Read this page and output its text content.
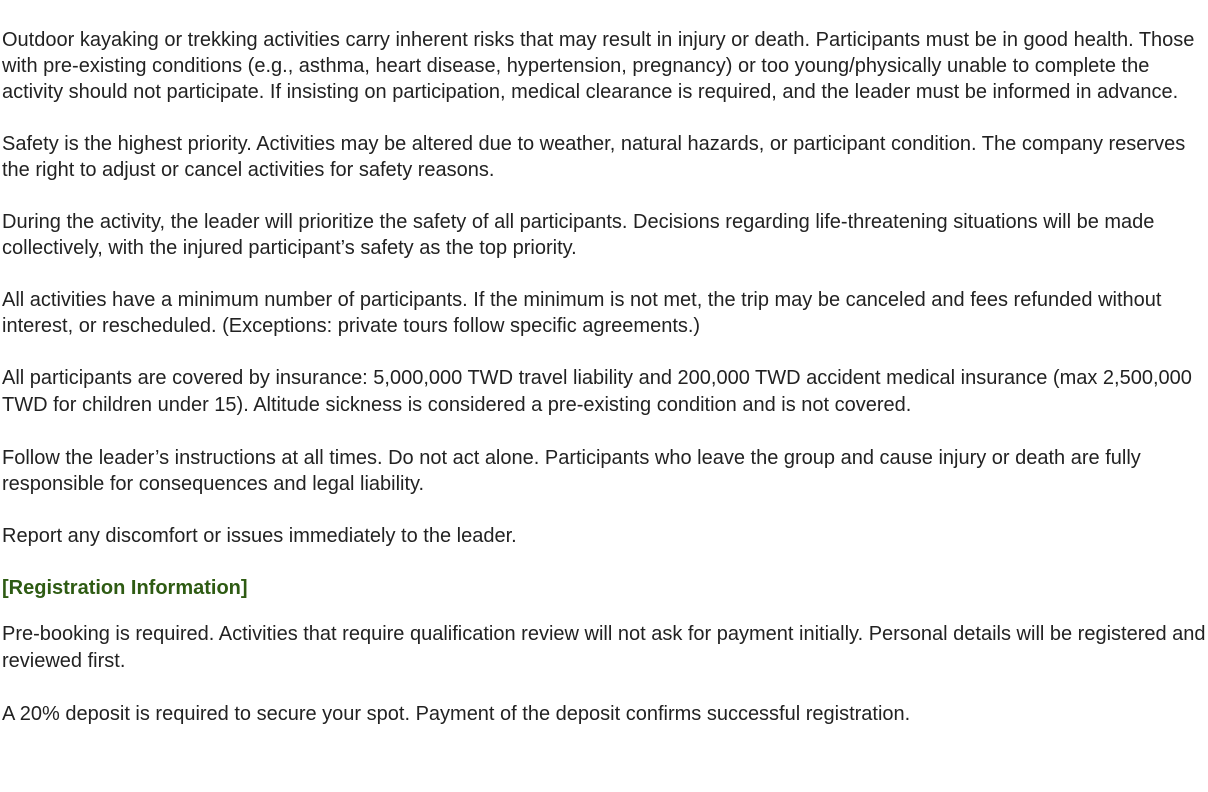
Outdoor kayaking or trekking activities carry inherent risks that may result in injury or death. Participants must be in good health. Those with pre-existing conditions (e.g., asthma, heart disease, hypertension, pregnancy) or too young/physically unable to complete the activity should not participate. If insisting on participation, medical clearance is required, and the leader must be informed in advance.

Safety is the highest priority. Activities may be altered due to weather, natural hazards, or participant condition. The company reserves the right to adjust or cancel activities for safety reasons.

During the activity, the leader will prioritize the safety of all participants. Decisions regarding life-threatening situations will be made collectively, with the injured participant’s safety as the top priority.

All activities have a minimum number of participants. If the minimum is not met, the trip may be canceled and fees refunded without interest, or rescheduled. (Exceptions: private tours follow specific agreements.)

All participants are covered by insurance: 5,000,000 TWD travel liability and 200,000 TWD accident medical insurance (max 2,500,000 TWD for children under 15). Altitude sickness is considered a pre-existing condition and is not covered.

Follow the leader’s instructions at all times. Do not act alone. Participants who leave the group and cause injury or death are fully responsible for consequences and legal liability.

Report any discomfort or issues immediately to the leader.

[Registration Information]

Pre-booking is required. Activities that require qualification review will not ask for payment initially. Personal details will be registered and reviewed first.

A 20% deposit is required to secure your spot. Payment of the deposit confirms successful registration.
